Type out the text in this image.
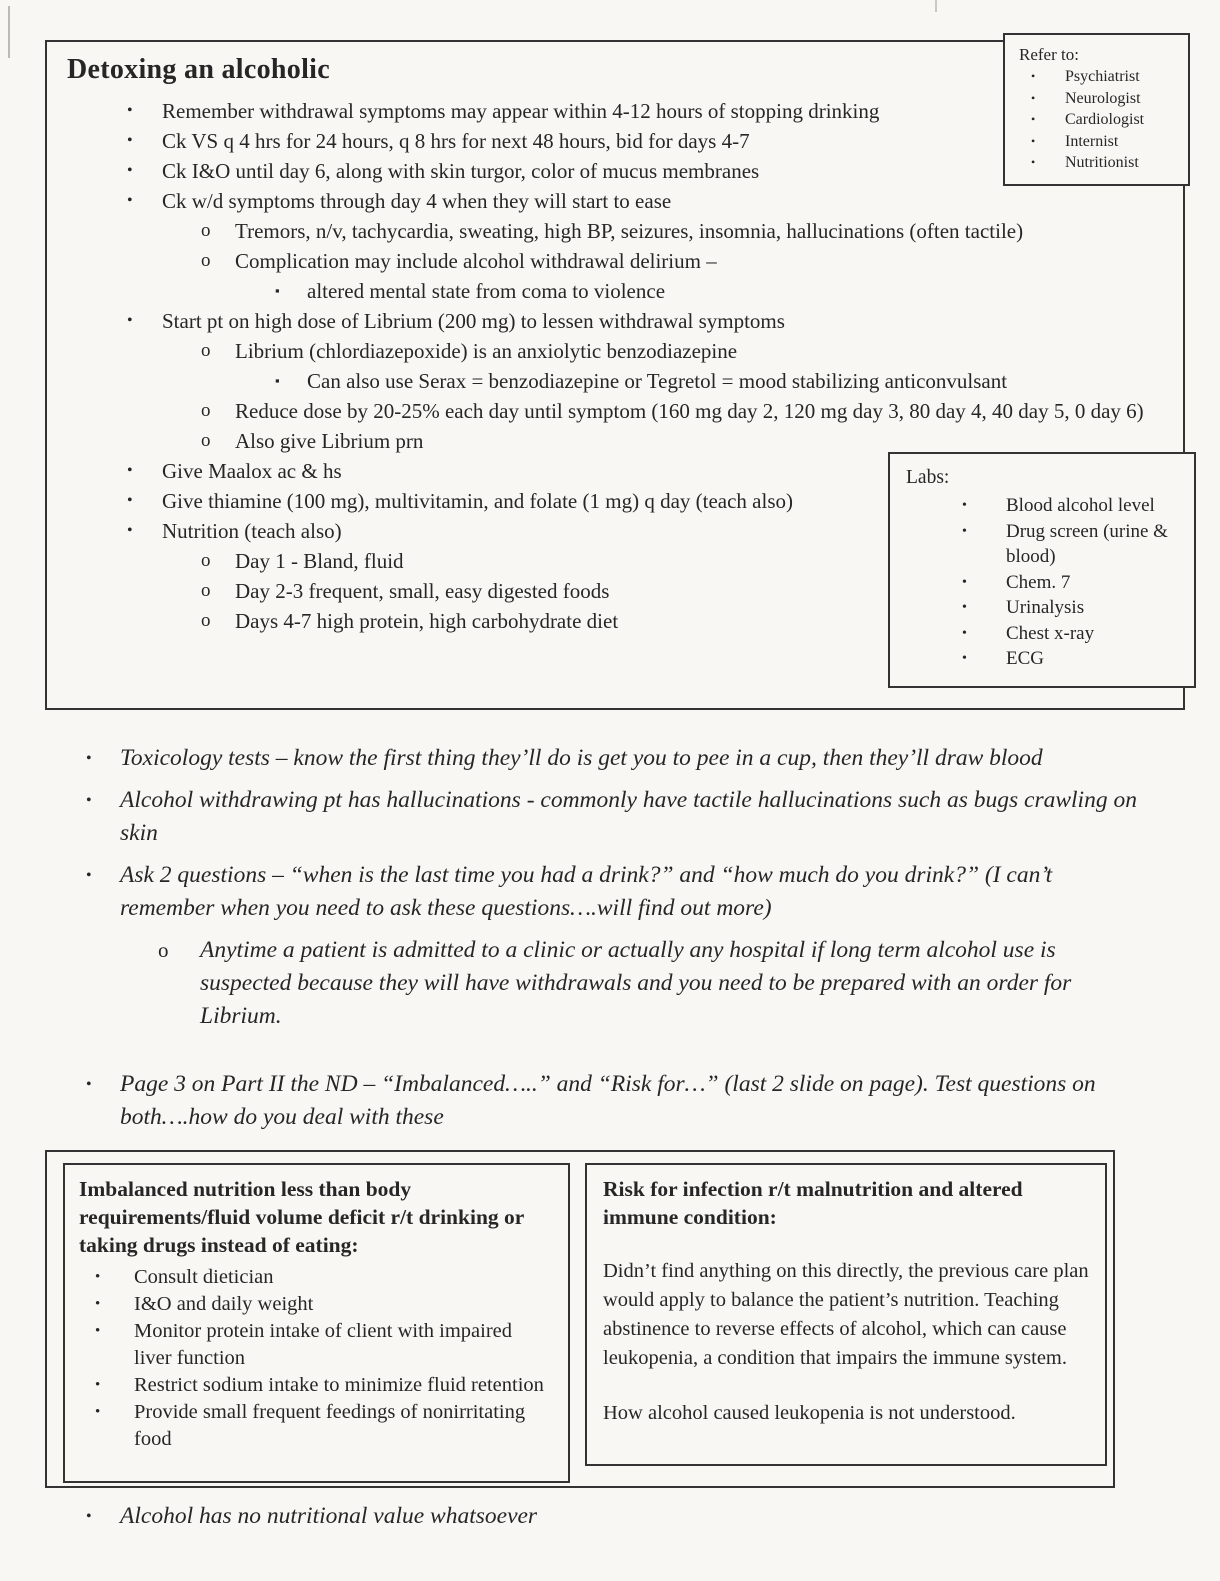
Detoxing an alcoholic
• Remember withdrawal symptoms may appear within 4-12 hours of stopping drinking
• Ck VS q 4 hrs for 24 hours, q 8 hrs for next 48 hours, bid for days 4-7
• Ck I&O until day 6, along with skin turgor, color of mucus membranes
• Ck w/d symptoms through day 4 when they will start to ease
o Tremors, n/v, tachycardia, sweating, high BP, seizures, insomnia, hallucinations (often tactile)
o Complication may include alcohol withdrawal delirium –
▪ altered mental state from coma to violence
• Start pt on high dose of Librium (200 mg) to lessen withdrawal symptoms
o Librium (chlordiazepoxide) is an anxiolytic benzodiazepine
▪ Can also use Serax = benzodiazepine or Tegretol = mood stabilizing anticonvulsant
o Reduce dose by 20-25% each day until symptom (160 mg day 2, 120 mg day 3, 80 day 4, 40 day 5, 0 day 6)
o Also give Librium prn
• Give Maalox ac & hs
• Give thiamine (100 mg), multivitamin, and folate (1 mg) q day (teach also)
• Nutrition (teach also)
o Day 1 - Bland, fluid
o Day 2-3 frequent, small, easy digested foods
o Days 4-7 high protein, high carbohydrate diet
Refer to:
• Psychiatrist
• Neurologist
• Cardiologist
• Internist
• Nutritionist
Labs:
• Blood alcohol level
• Drug screen (urine & blood)
• Chem. 7
• Urinalysis
• Chest x-ray
• ECG
• Toxicology tests – know the first thing they’ll do is get you to pee in a cup, then they’ll draw blood
• Alcohol withdrawing pt has hallucinations - commonly have tactile hallucinations such as bugs crawling on skin
• Ask 2 questions – “when is the last time you had a drink?” and “how much do you drink?” (I can’t remember when you need to ask these questions….will find out more)
o Anytime a patient is admitted to a clinic or actually any hospital if long term alcohol use is suspected because they will have withdrawals and you need to be prepared with an order for Librium.
• Page 3 on Part II the ND – “Imbalanced…..” and “Risk for…” (last 2 slide on page). Test questions on both….how do you deal with these
Imbalanced nutrition less than body requirements/fluid volume deficit r/t drinking or taking drugs instead of eating:
• Consult dietician
• I&O and daily weight
• Monitor protein intake of client with impaired liver function
• Restrict sodium intake to minimize fluid retention
• Provide small frequent feedings of nonirritating food
Risk for infection r/t malnutrition and altered immune condition:
Didn’t find anything on this directly, the previous care plan would apply to balance the patient’s nutrition. Teaching abstinence to reverse effects of alcohol, which can cause leukopenia, a condition that impairs the immune system.
How alcohol caused leukopenia is not understood.
• Alcohol has no nutritional value whatsoever
